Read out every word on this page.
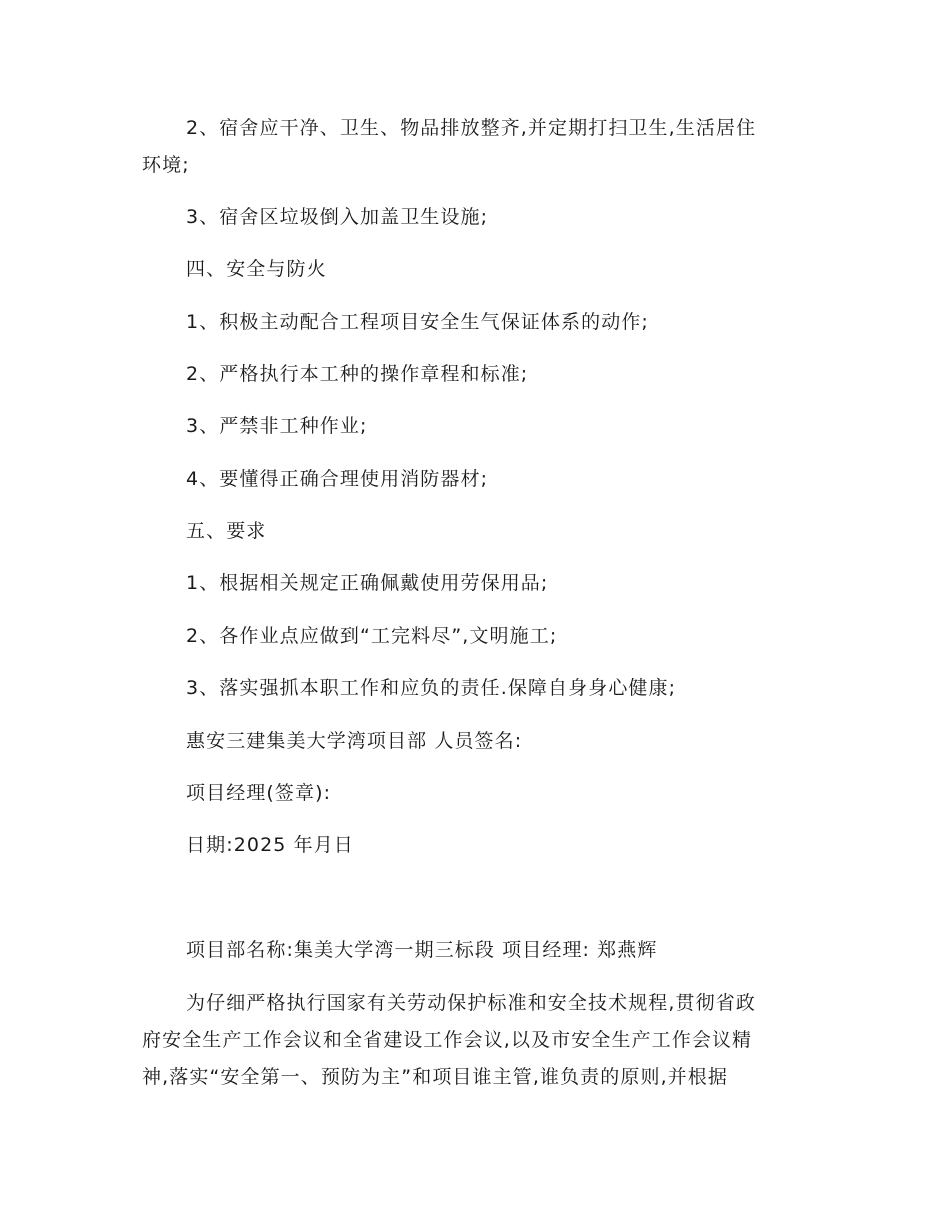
2、宿舍应干净、卫生、物品排放整齐,并定期打扫卫生,生活居住
环境;
3、宿舍区垃圾倒入加盖卫生设施;
四、安全与防火
1、积极主动配合工程项目安全生气保证体系的动作;
2、严格执行本工种的操作章程和标准;
3、严禁非工种作业;
4、要懂得正确合理使用消防器材;
五、要求
1、根据相关规定正确佩戴使用劳保用品;
2、各作业点应做到“工完料尽”,文明施工;
3、落实强抓本职工作和应负的责任.保障自身身心健康;
惠安三建集美大学湾项目部 人员签名:
项目经理(签章):
日期:2025 年月日
项目部名称:集美大学湾一期三标段 项目经理: 郑燕辉
为仔细严格执行国家有关劳动保护标准和安全技术规程,贯彻省政
府安全生产工作会议和全省建设工作会议,以及市安全生产工作会议精
神,落实“安全第一、预防为主”和项目谁主管,谁负责的原则,并根据
